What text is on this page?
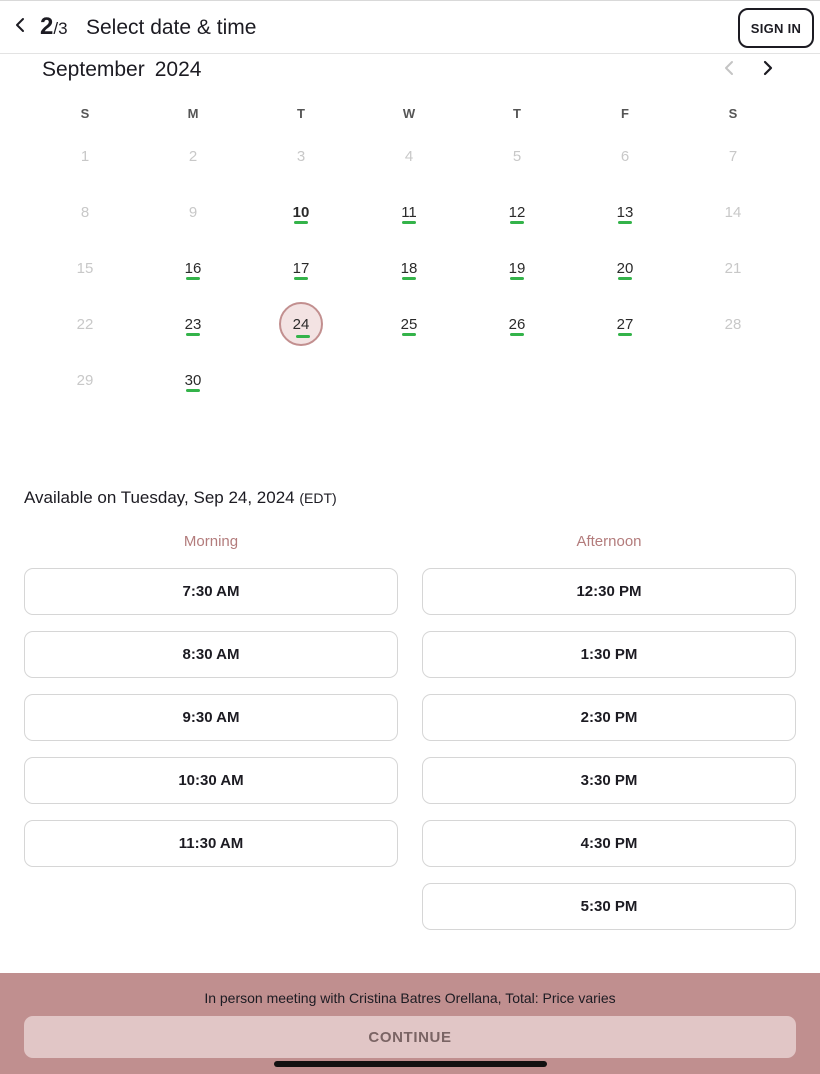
2/3 Select date & time	SIGN IN
September 2024
S	M	T	W	T	F	S
1	2	3	4	5	6	7
8	9	10	11	12	13	14
15	16	17	18	19	20	21
22	23	24	25	26	27	28
29	30
Available on Tuesday, Sep 24, 2024 (EDT)
Morning	Afternoon
7:30 AM
8:30 AM
9:30 AM
10:30 AM
11:30 AM
12:30 PM
1:30 PM
2:30 PM
3:30 PM
4:30 PM
5:30 PM
In person meeting with Cristina Batres Orellana, Total: Price varies
CONTINUE
